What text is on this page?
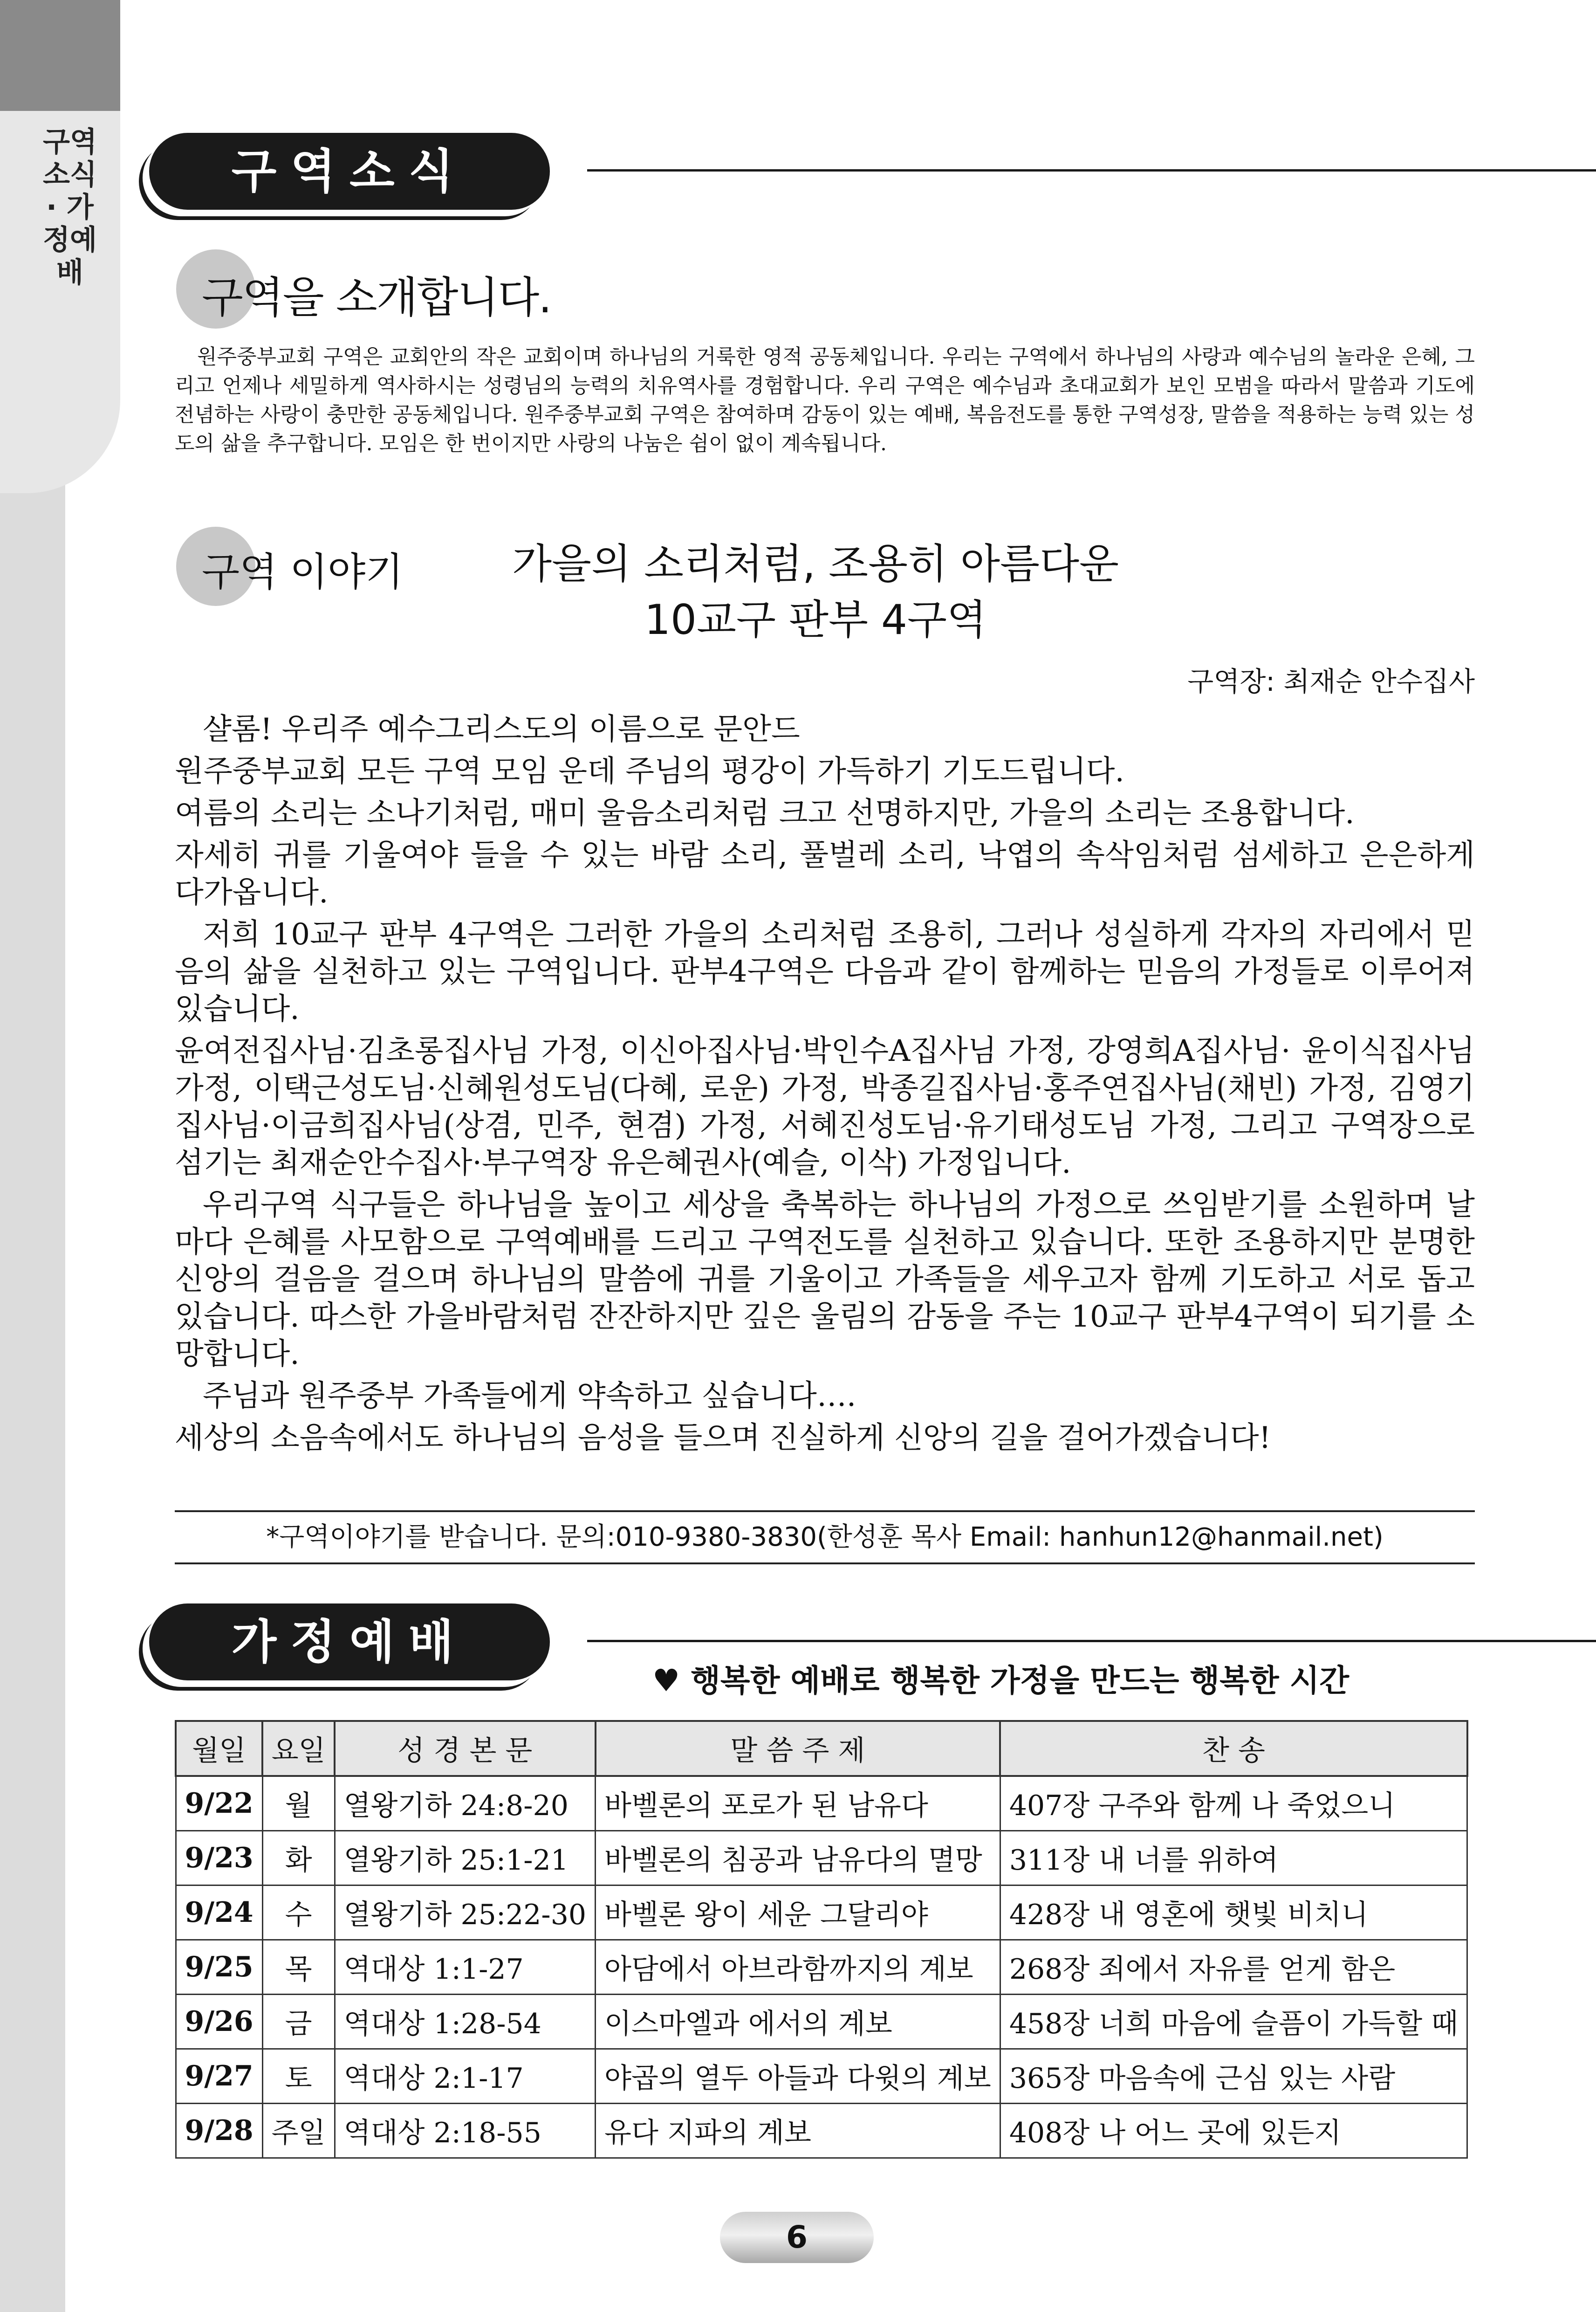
구역소식 · 가정예배
구역소식
구역을 소개합니다.

원주중부교회 구역은 교회안의 작은 교회이며 하나님의 거룩한 영적 공동체입니다. 우리는 구역에서 하나님의 사랑과 예수님의 놀라운 은혜, 그리고 언제나 세밀하게 역사하시는 성령님의 능력의 치유역사를 경험합니다. 우리 구역은 예수님과 초대교회가 보인 모범을 따라서 말씀과 기도에 전념하는 사랑이 충만한 공동체입니다. 원주중부교회 구역은 참여하며 감동이 있는 예배, 복음전도를 통한 구역성장, 말씀을 적용하는 능력 있는 성도의 삶을 추구합니다. 모임은 한 번이지만 사랑의 나눔은 쉼이 없이 계속됩니다.

구역 이야기	가을의 소리처럼, 조용히 아름다운
10교구 판부 4구역

구역장: 최재순 안수집사

샬롬! 우리주 예수그리스도의 이름으로 문안드

원주중부교회 모든 구역 모임 운데 주님의 평강이 가득하기 기도드립니다.

여름의 소리는 소나기처럼, 매미 울음소리처럼 크고 선명하지만, 가을의 소리는 조용합니다.

자세히 귀를 기울여야 들을 수 있는 바람 소리, 풀벌레 소리, 낙엽의 속삭임처럼 섬세하고 은은하게 다가옵니다.

저희 10교구 판부 4구역은 그러한 가을의 소리처럼 조용히, 그러나 성실하게 각자의 자리에서 믿음의 삶을 실천하고 있는 구역입니다. 판부4구역은 다음과 같이 함께하는 믿음의 가정들로 이루어져있습니다.

윤여전집사님·김초롱집사님 가정, 이신아집사님·박인수A집사님 가정, 강영희A집사님· 윤이식집사님 가정, 이택근성도님·신혜원성도님(다혜, 로운) 가정, 박종길집사님·홍주연집사님(채빈) 가정, 김영기집사님·이금희집사님(상겸, 민주, 현겸) 가정, 서혜진성도님·유기태성도님 가정, 그리고 구역장으로 섬기는 최재순안수집사·부구역장 유은혜권사(예슬, 이삭) 가정입니다.

우리구역 식구들은 하나님을 높이고 세상을 축복하는 하나님의 가정으로 쓰임받기를 소원하며 날마다 은혜를 사모함으로 구역예배를 드리고 구역전도를 실천하고 있습니다. 또한 조용하지만 분명한 신앙의 걸음을 걸으며 하나님의 말씀에 귀를 기울이고 가족들을 세우고자 함께 기도하고 서로 돕고 있습니다. 따스한 가을바람처럼 잔잔하지만 깊은 울림의 감동을 주는 10교구 판부4구역이 되기를 소망합니다.

주님과 원주중부 가족들에게 약속하고 싶습니다….

세상의 소음속에서도 하나님의 음성을 들으며 진실하게 신앙의 길을 걸어가겠습니다!

*구역이야기를 받습니다. 문의:010-9380-3830(한성훈 목사 Email: hanhun12@hanmail.net)
가정예배
♥ 행복한 예배로 행복한 가정을 만드는 행복한 시간
월일	요일	성 경 본 문	말 씀 주 제	찬 송
9/22	월	열왕기하 24:8-20	바벨론의 포로가 된 남유다	407장 구주와 함께 나 죽었으니
9/23	화	열왕기하 25:1-21	바벨론의 침공과 남유다의 멸망	311장 내 너를 위하여
9/24	수	열왕기하 25:22-30	바벨론 왕이 세운 그달리야	428장 내 영혼에 햇빛 비치니
9/25	목	역대상 1:1-27	아담에서 아브라함까지의 계보	268장 죄에서 자유를 얻게 함은
9/26	금	역대상 1:28-54	이스마엘과 에서의 계보	458장 너희 마음에 슬픔이 가득할 때
9/27	토	역대상 2:1-17	야곱의 열두 아들과 다윗의 계보	365장 마음속에 근심 있는 사람
9/28	주일	역대상 2:18-55	유다 지파의 계보	408장 나 어느 곳에 있든지
6
